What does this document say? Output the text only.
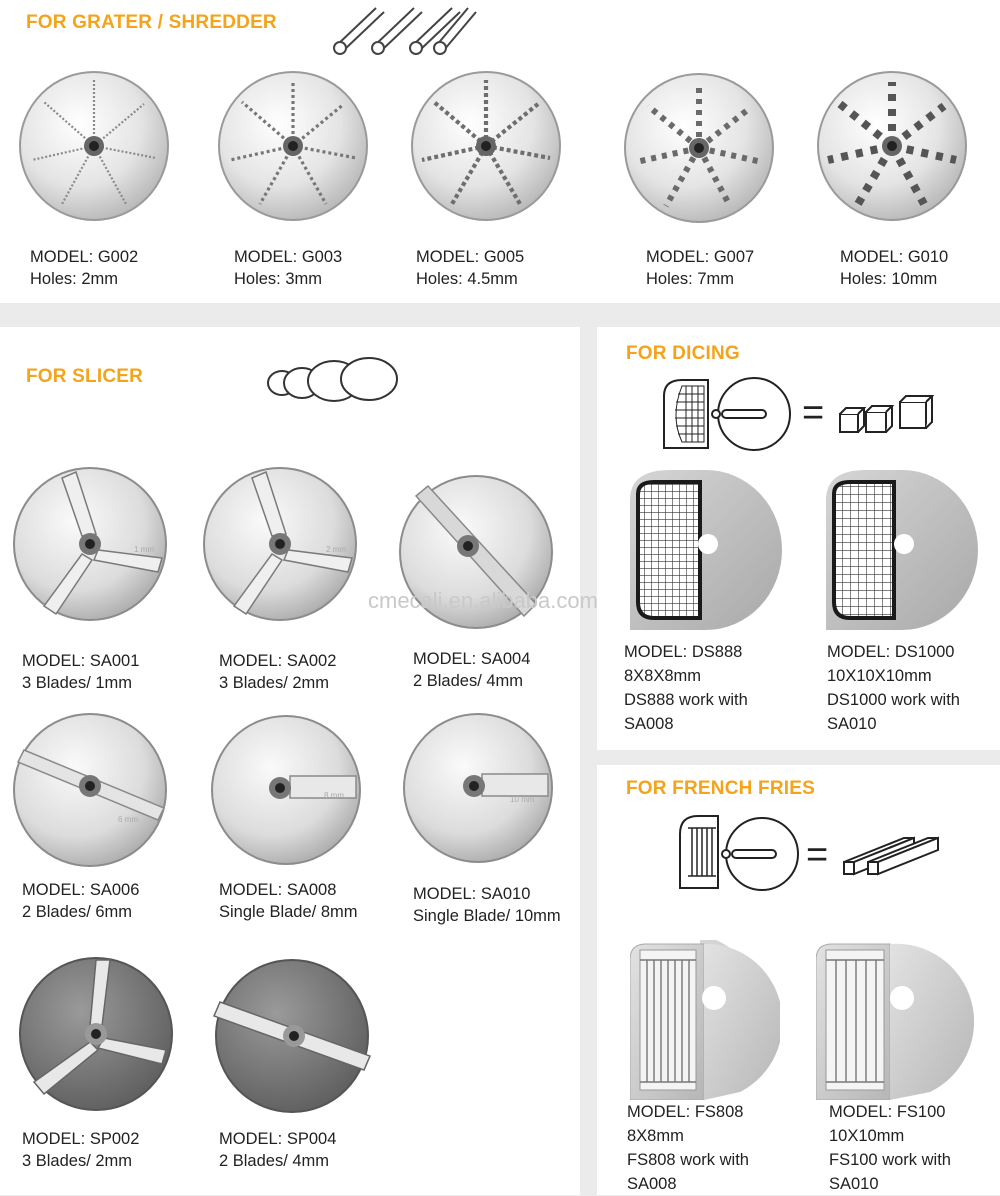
FOR GRATER / SHREDDER
FOR SLICER
FOR DICING
FOR FRENCH FRIES
MODEL: G002
Holes: 2mm
MODEL: G003
Holes: 3mm
MODEL: G005
Holes: 4.5mm
MODEL: G007
Holes: 7mm
MODEL: G010
Holes: 10mm
1 mm	2 mm
6 mm
8 mm	10 mm
MODEL: SA001
3 Blades/ 1mm
MODEL: SA002
3 Blades/ 2mm
MODEL: SA004
2 Blades/ 4mm
MODEL: SA006
2 Blades/ 6mm
MODEL: SA008
Single Blade/ 8mm
MODEL: SA010
Single Blade/ 10mm
MODEL: SP002
3 Blades/ 2mm
MODEL: SP004
2 Blades/ 4mm
cmecali.en.alibaba.com
=
MODEL: DS888
8X8X8mm
DS888 work with
SA008
MODEL: DS1000
10X10X10mm
DS1000 work with
SA010
=
MODEL: FS808
8X8mm
FS808 work with
SA008
MODEL: FS100
10X10mm
FS100 work with
SA010
